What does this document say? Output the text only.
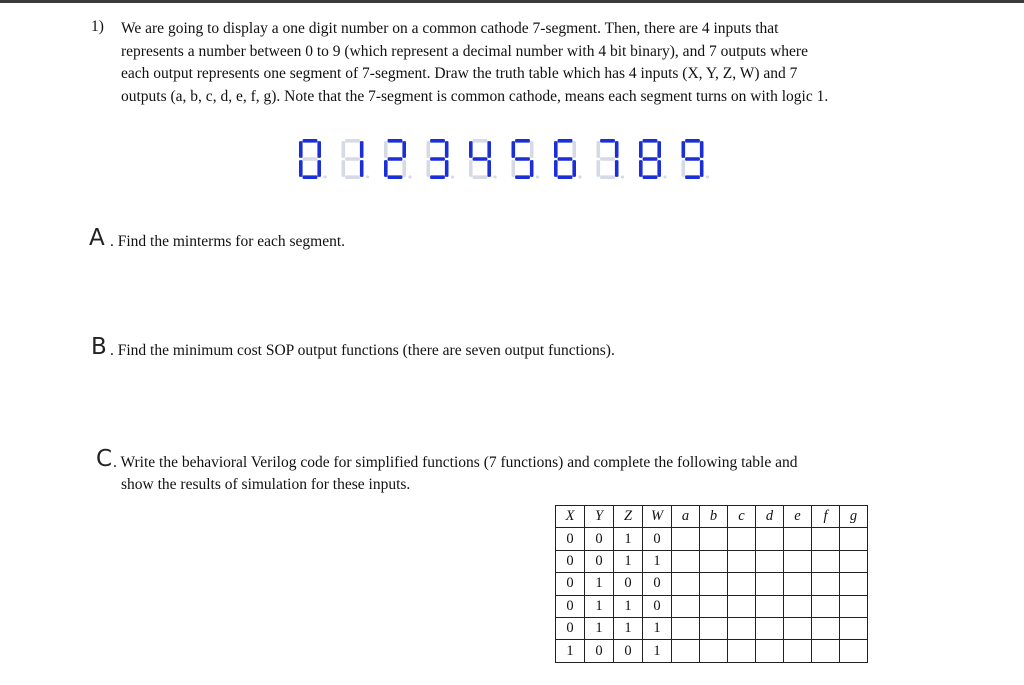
1) We are going to display a one digit number on a common cathode 7-segment. Then, there are 4 inputs that
represents a number between 0 to 9 (which represent a decimal number with 4 bit binary), and 7 outputs where
each output represents one segment of 7-segment. Draw the truth table which has 4 inputs (X, Y, Z, W) and 7
outputs (a, b, c, d, e, f, g). Note that the 7-segment is common cathode, means each segment turns on with logic 1.
A . Find the minterms for each segment.
B . Find the minimum cost SOP output functions (there are seven output functions).
C . Write the behavioral Verilog code for simplified functions (7 functions) and complete the following table and
show the results of simulation for these inputs.
X	Y	Z	W	a	b	c	d	e	f	g
0	0	1	0							
0	0	1	1							
0	1	0	0							
0	1	1	0							
0	1	1	1							
1	0	0	1							
